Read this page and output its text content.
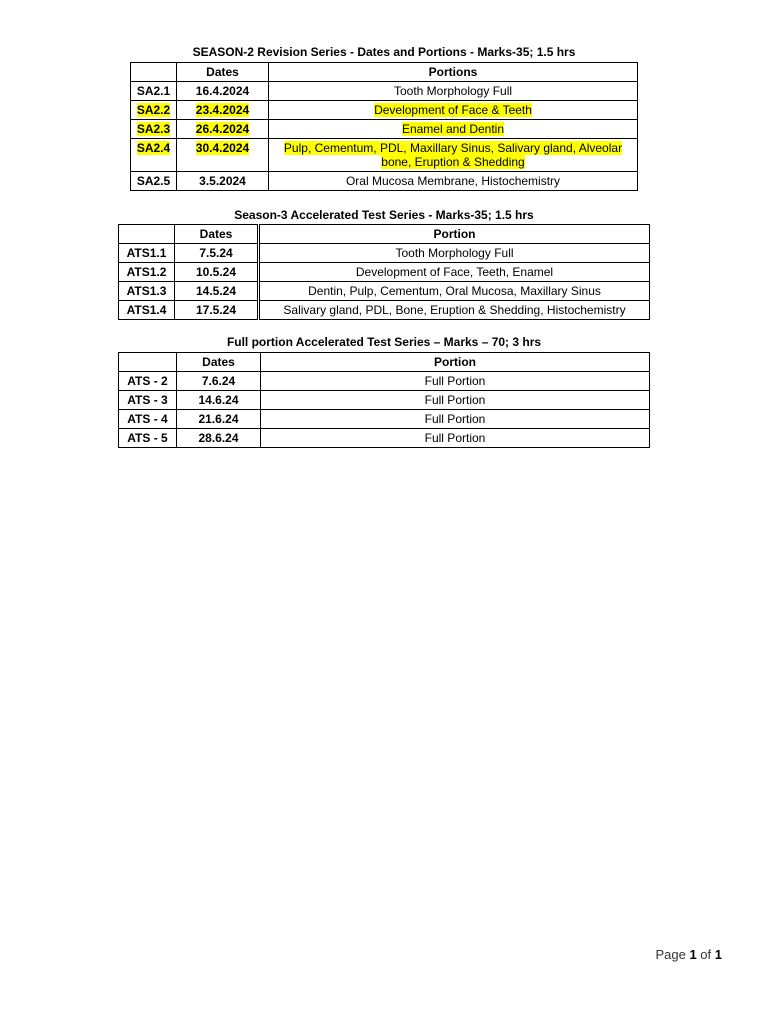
SEASON-2 Revision Series - Dates and Portions - Marks-35; 1.5 hrs
	Dates	Portions
SA2.1	16.4.2024	Tooth Morphology Full
SA2.2	23.4.2024	Development of Face & Teeth
SA2.3	26.4.2024	Enamel and Dentin
SA2.4	30.4.2024	Pulp, Cementum, PDL, Maxillary Sinus, Salivary gland, Alveolar bone, Eruption & Shedding
SA2.5	3.5.2024	Oral Mucosa Membrane, Histochemistry
Season-3 Accelerated Test Series - Marks-35; 1.5 hrs
	Dates	Portion
ATS1.1	7.5.24	Tooth Morphology Full
ATS1.2	10.5.24	Development of Face, Teeth, Enamel
ATS1.3	14.5.24	Dentin, Pulp, Cementum, Oral Mucosa, Maxillary Sinus
ATS1.4	17.5.24	Salivary gland, PDL, Bone, Eruption & Shedding, Histochemistry
Full portion Accelerated Test Series – Marks – 70; 3 hrs
	Dates	Portion
ATS - 2	7.6.24	Full Portion
ATS - 3	14.6.24	Full Portion
ATS - 4	21.6.24	Full Portion
ATS - 5	28.6.24	Full Portion
Page 1 of 1
